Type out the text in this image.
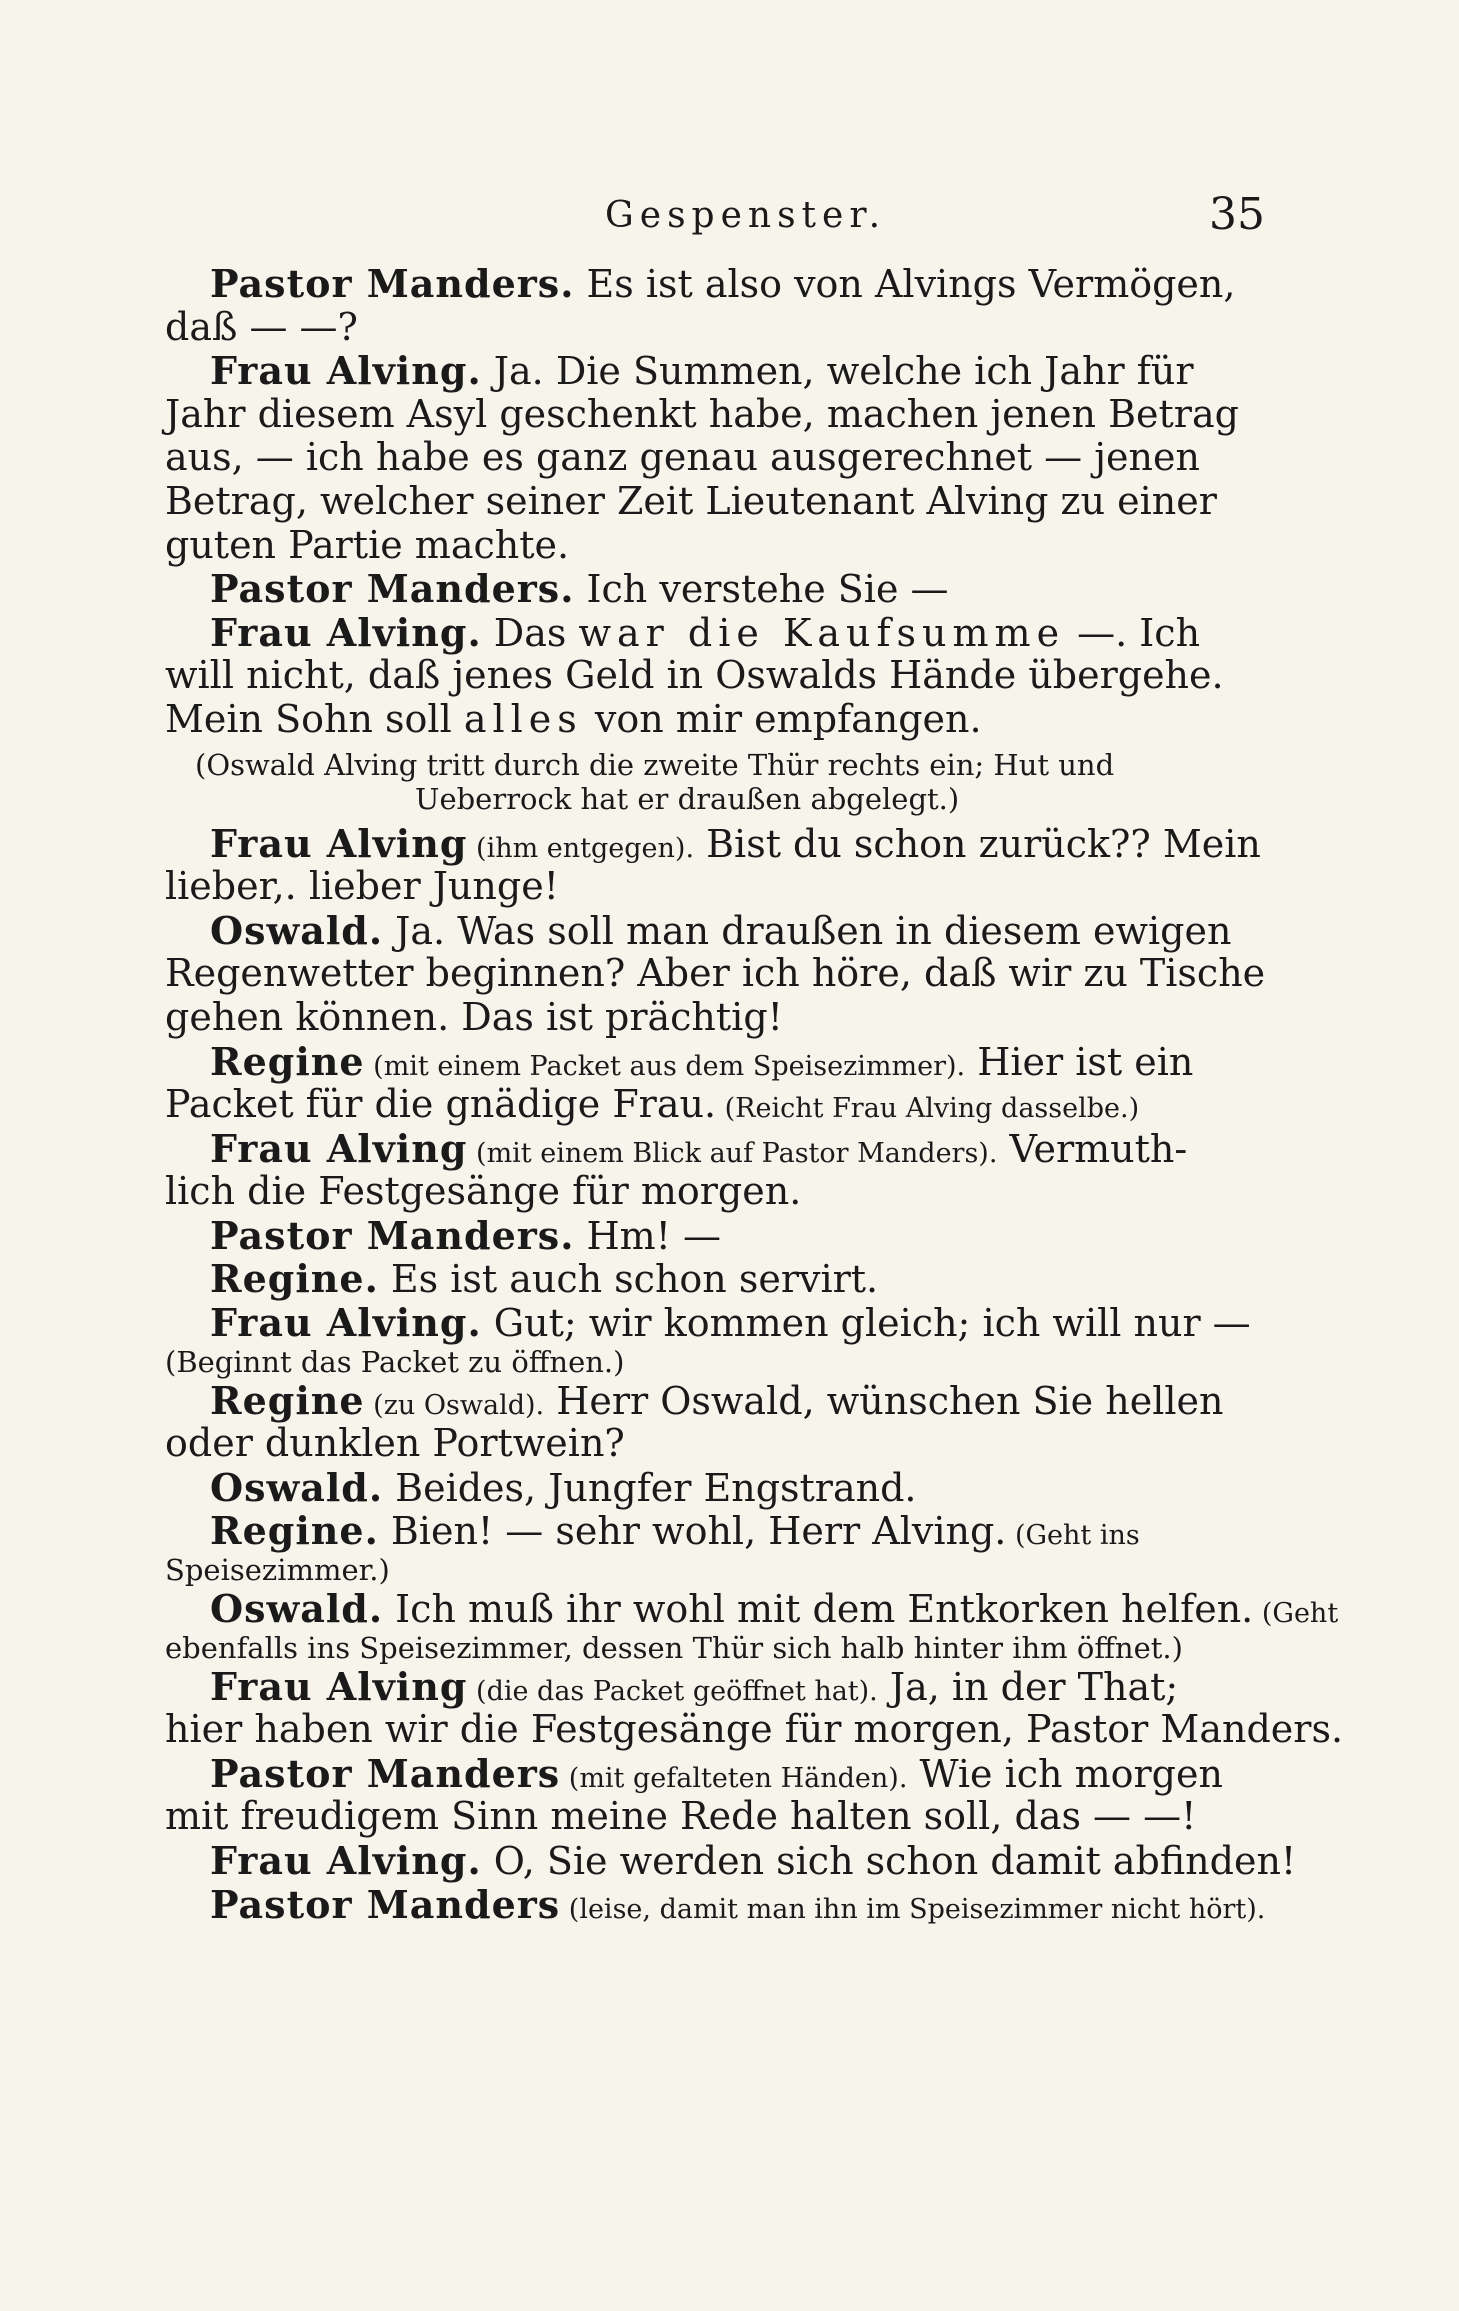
Gespenster.	35
Pastor Manders. Es ist also von Alvings Vermögen,
daß — —?
Frau Alving. Ja. Die Summen, welche ich Jahr für
Jahr diesem Asyl geschenkt habe, machen jenen Betrag
aus, — ich habe es ganz genau ausgerechnet — jenen
Betrag, welcher seiner Zeit Lieutenant Alving zu einer
guten Partie machte.
Pastor Manders. Ich verstehe Sie —
Frau Alving. Das war die Kaufsumme —. Ich
will nicht, daß jenes Geld in Oswalds Hände übergehe.
Mein Sohn soll alles von mir empfangen.
(Oswald Alving tritt durch die zweite Thür rechts ein; Hut und
Ueberrock hat er draußen abgelegt.)
Frau Alving (ihm entgegen). Bist du schon zurück?? Mein
lieber,. lieber Junge!
Oswald. Ja. Was soll man draußen in diesem ewigen
Regenwetter beginnen? Aber ich höre, daß wir zu Tische
gehen können. Das ist prächtig!
Regine (mit einem Packet aus dem Speisezimmer). Hier ist ein
Packet für die gnädige Frau. (Reicht Frau Alving dasselbe.)
Frau Alving (mit einem Blick auf Pastor Manders). Vermuth-
lich die Festgesänge für morgen.
Pastor Manders. Hm! —
Regine. Es ist auch schon servirt.
Frau Alving. Gut; wir kommen gleich; ich will nur —
(Beginnt das Packet zu öffnen.)
Regine (zu Oswald). Herr Oswald, wünschen Sie hellen
oder dunklen Portwein?
Oswald. Beides, Jungfer Engstrand.
Regine. Bien! — sehr wohl, Herr Alving. (Geht ins
Speisezimmer.)
Oswald. Ich muß ihr wohl mit dem Entkorken helfen. (Geht
ebenfalls ins Speisezimmer, dessen Thür sich halb hinter ihm öffnet.)
Frau Alving (die das Packet geöffnet hat). Ja, in der That;
hier haben wir die Festgesänge für morgen, Pastor Manders.
Pastor Manders (mit gefalteten Händen). Wie ich morgen
mit freudigem Sinn meine Rede halten soll, das — —!
Frau Alving. O, Sie werden sich schon damit abfinden!
Pastor Manders (leise, damit man ihn im Speisezimmer nicht hört).
